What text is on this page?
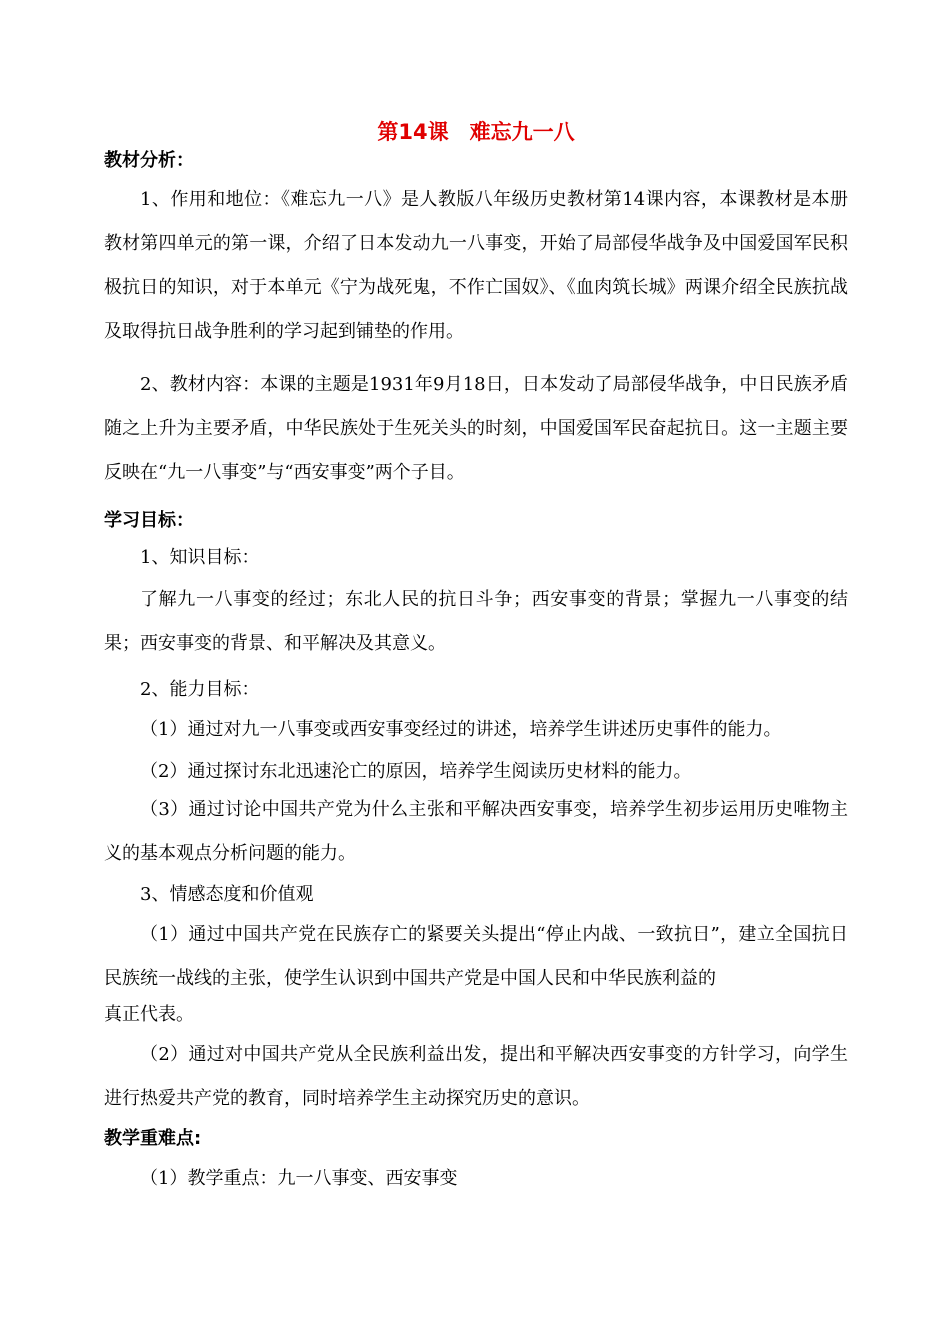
第14课　难忘九一八
教材分析：

1、作用和地位：《难忘九一八》是人教版八年级历史教材第14课内容，本课教材是本册教材第四单元的第一课，介绍了日本发动九一八事变，开始了局部侵华战争及中国爱国军民积极抗日的知识，对于本单元《宁为战死鬼，不作亡国奴》、《血肉筑长城》两课介绍全民族抗战及取得抗日战争胜利的学习起到铺垫的作用。

2、教材内容：本课的主题是1931年9月18日，日本发动了局部侵华战争，中日民族矛盾随之上升为主要矛盾，中华民族处于生死关头的时刻，中国爱国军民奋起抗日。这一主题主要反映在“九一八事变”与“西安事变”两个子目。

学习目标：
1、知识目标：

了解九一八事变的经过；东北人民的抗日斗争；西安事变的背景；掌握九一八事变的结果；西安事变的背景、和平解决及其意义。

2、能力目标：
（1）通过对九一八事变或西安事变经过的讲述，培养学生讲述历史事件的能力。
（2）通过探讨东北迅速沦亡的原因，培养学生阅读历史材料的能力。

（3）通过讨论中国共产党为什么主张和平解决西安事变，培养学生初步运用历史唯物主义的基本观点分析问题的能力。

3、情感态度和价值观

（1）通过中国共产党在民族存亡的紧要关头提出“停止内战、一致抗日”，建立全国抗日民族统一战线的主张，使学生认识到中国共产党是中国人民和中华民族利益的

真正代表。

（2）通过对中国共产党从全民族利益出发，提出和平解决西安事变的方针学习，向学生进行热爱共产党的教育，同时培养学生主动探究历史的意识。

教学重难点:
（1）教学重点：九一八事变、西安事变
